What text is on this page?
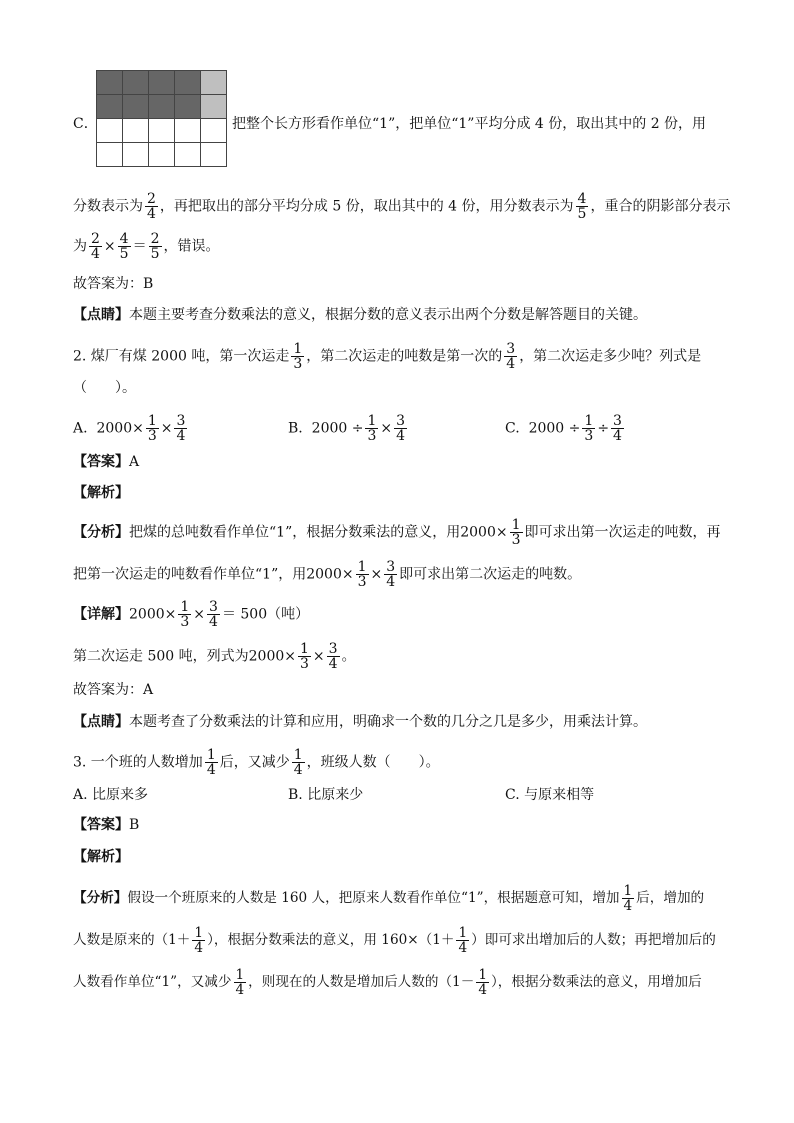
C．	把整个长方形看作单位“1”，把单位“1”平均分成 4 份，取出其中的 2 份，用
分数表示为 $\frac{2}{4}$ ，再把取出的部分平均分成 5 份，取出其中的 4 份，用分数表示为 $\frac{4}{5}$ ，重合的阴影部分表示
为 $\frac{2}{4} \times \frac{4}{5} = \frac{2}{5}$ ，错误。
故答案为：B
【点睛】本题主要考查分数乘法的意义，根据分数的意义表示出两个分数是解答题目的关键。
2. 煤厂有煤 2000 吨，第一次运走 $\frac{1}{3}$ ，第二次运走的吨数是第一次的 $\frac{3}{4}$ ，第二次运走多少吨？列式是
（　　）。
A. $2000\times \frac{1}{3} \times \frac{3}{4}$	B. $2000 \div \frac{1}{3} \times \frac{3}{4}$	C. $2000 \div \frac{1}{3} \div \frac{3}{4}$
【答案】A
【解析】
【分析】把煤的总吨数看作单位“1”，根据分数乘法的意义，用$2000\times \frac{1}{3}$ 即可求出第一次运走的吨数，再
把第一次运走的吨数看作单位“1”，用$2000\times \frac{1}{3} \times \frac{3}{4}$ 即可求出第二次运走的吨数。
【详解】$2000\times \frac{1}{3} \times \frac{3}{4} = 500$（吨）
第二次运走 500 吨，列式为$2000\times \frac{1}{3} \times \frac{3}{4}$ 。
故答案为：A
【点睛】本题考查了分数乘法的计算和应用，明确求一个数的几分之几是多少，用乘法计算。
3. 一个班的人数增加 $\frac{1}{4}$ 后，又减少 $\frac{1}{4}$ ，班级人数（　　）。
A. 比原来多	B. 比原来少	C. 与原来相等
【答案】B
【解析】
【分析】假设一个班原来的人数是 160 人，把原来人数看作单位“1”，根据题意可知，增加 $\frac{1}{4}$ 后，增加的
人数是原来的（$1+ \frac{1}{4}$ ），根据分数乘法的意义，用 $160\times(1+ \frac{1}{4}$ ）即可求出增加后的人数；再把增加后的
人数看作单位“1”，又减少 $\frac{1}{4}$ ，则现在的人数是增加后人数的（$1- \frac{1}{4}$ ），根据分数乘法的意义，用增加后
